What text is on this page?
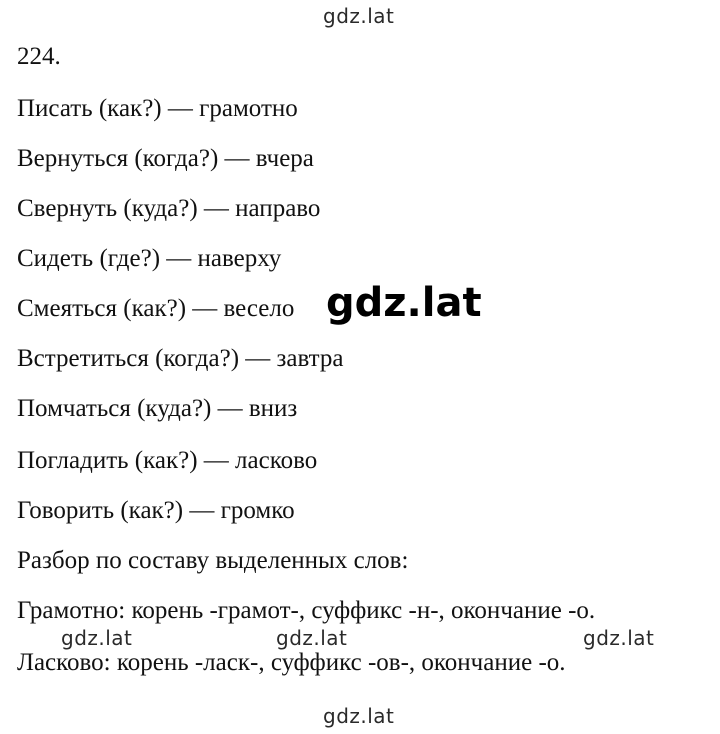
gdz.lat
224.
Писать (как?) — грамотно
Вернуться (когда?) — вчера
Свернуть (куда?) — направо
Сидеть (где?) — наверху
Смеяться (как?) — весело gdz.lat
Встретиться (когда?) — завтра
Помчаться (куда?) — вниз
Погладить (как?) — ласково
Говорить (как?) — громко
Разбор по составу выделенных слов:
Грамотно: корень -грамот-, суффикс -н-, окончание -о.
gdz.lat	gdz.lat	gdz.lat
Ласково: корень -ласк-, суффикс -ов-, окончание -о.
gdz.lat
